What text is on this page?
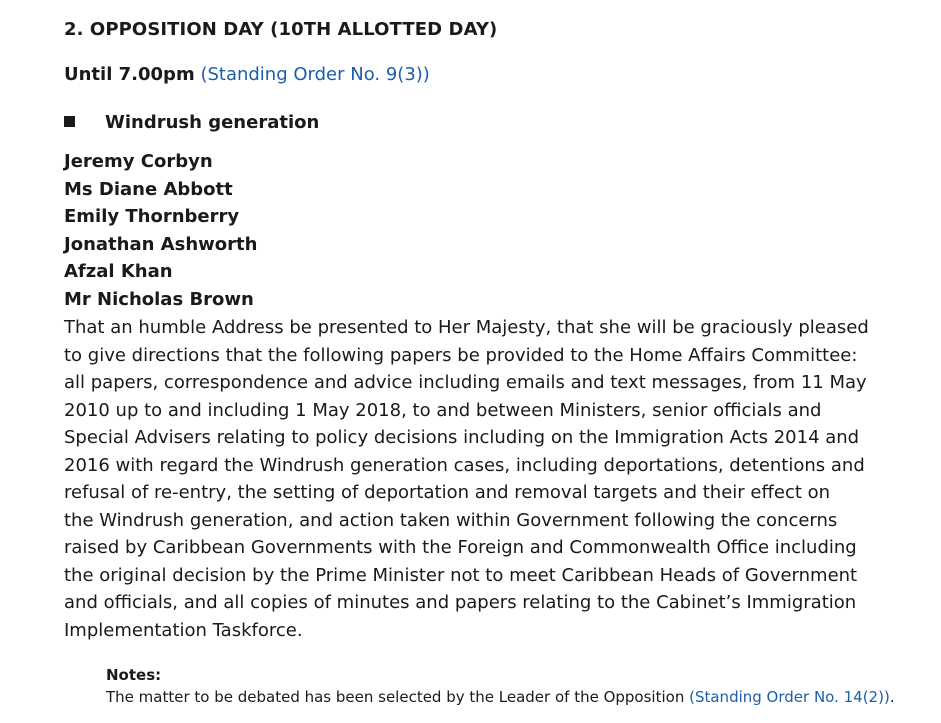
2. OPPOSITION DAY (10TH ALLOTTED DAY)
Until 7.00pm (Standing Order No. 9(3))
Windrush generation
Jeremy Corbyn
Ms Diane Abbott
Emily Thornberry
Jonathan Ashworth
Afzal Khan
Mr Nicholas Brown
That an humble Address be presented to Her Majesty, that she will be graciously pleased
to give directions that the following papers be provided to the Home Affairs Committee:
all papers, correspondence and advice including emails and text messages, from 11 May
2010 up to and including 1 May 2018, to and between Ministers, senior officials and
Special Advisers relating to policy decisions including on the Immigration Acts 2014 and
2016 with regard the Windrush generation cases, including deportations, detentions and
refusal of re-entry, the setting of deportation and removal targets and their effect on
the Windrush generation, and action taken within Government following the concerns
raised by Caribbean Governments with the Foreign and Commonwealth Office including
the original decision by the Prime Minister not to meet Caribbean Heads of Government
and officials, and all copies of minutes and papers relating to the Cabinet’s Immigration
Implementation Taskforce.
Notes:
The matter to be debated has been selected by the Leader of the Opposition (Standing Order No. 14(2)).
